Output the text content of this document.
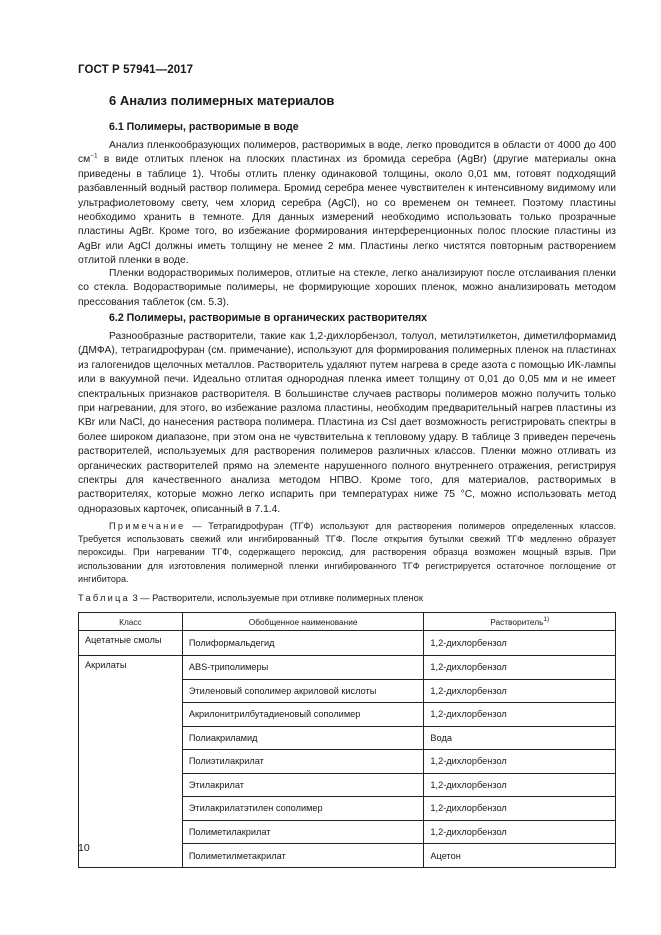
ГОСТ Р 57941—2017
6 Анализ полимерных материалов
6.1 Полимеры, растворимые в воде

Анализ пленкообразующих полимеров, растворимых в воде, легко проводится в области от 4000 до 400 $см^{-1}$ в виде отлитых пленок на плоских пластинах из бромида серебра (AgBr) (другие материалы окна приведены в таблице 1). Чтобы отлить пленку одинаковой толщины, около 0,01 мм, готовят подходящий разбавленный водный раствор полимера. Бромид серебра менее чувствителен к интенсивному видимому или ультрафиолетовому свету, чем хлорид серебра (AgCl), но со временем он темнеет. Поэтому пластины необходимо хранить в темноте. Для данных измерений необходимо использовать только прозрачные пластины AgBr. Кроме того, во избежание формирования интерференционных полос плоские пластины из AgBr или AgCl должны иметь толщину не менее 2 мм. Пластины легко чистятся повторным растворением отлитой пленки в воде.

Пленки водорастворимых полимеров, отлитые на стекле, легко анализируют после отслаивания пленки со стекла. Водорастворимые полимеры, не формирующие хороших пленок, можно анализировать методом прессования таблеток (см. 5.3).

6.2 Полимеры, растворимые в органических растворителях

Разнообразные растворители, такие как 1,2-дихлорбензол, толуол, метилэтилкетон, диметилформамид (ДМФА), тетрагидрофуран (см. примечание), используют для формирования полимерных пленок на пластинах из галогенидов щелочных металлов. Растворитель удаляют путем нагрева в среде азота с помощью ИК-лампы или в вакуумной печи. Идеально отлитая однородная пленка имеет толщину от 0,01 до 0,05 мм и не имеет спектральных признаков растворителя. В большинстве случаев растворы полимеров можно получить только при нагревании, для этого, во избежание разлома пластины, необходим предварительный нагрев пластины из KBr или NaCl, до нанесения раствора полимера. Пластина из CsI дает возможность регистрировать спектры в более широком диапазоне, при этом она не чувствительна к тепловому удару. В таблице 3 приведен перечень растворителей, используемых для растворения полимеров различных классов. Пленки можно отливать из органических растворителей прямо на элементе нарушенного полного внутреннего отражения, регистрируя спектры для качественного анализа методом НПВО. Кроме того, для материалов, растворимых в растворителях, которые можно легко испарить при температурах ниже 75 °С, можно использовать метод одноразовых карточек, описанный в 7.1.4.

Примечание — Тетрагидрофуран (ТГФ) используют для растворения полимеров определенных классов. Требуется использовать свежий или ингибированный ТГФ. После открытия бутылки свежий ТГФ медленно образует пероксиды. При нагревании ТГФ, содержащего пероксид, для растворения образца возможен мощный взрыв. При использовании для изготовления полимерной пленки ингибированного ТГФ регистрируется остаточное поглощение от ингибитора.

Таблица 3 — Растворители, используемые при отливке полимерных пленок
Класс	Обобщенное наименование	Растворитель$^{1)}$
Ацетатные смолы	Полиформальдегид	1,2-дихлорбензол
Акрилаты	ABS-триполимеры	1,2-дихлорбензол
	Этиленовый сополимер акриловой кислоты	1,2-дихлорбензол
	Акрилонитрилбутадиеновый сополимер	1,2-дихлорбензол
	Полиакриламид	Вода
	Полиэтилакрилат	1,2-дихлорбензол
	Этилакрилат	1,2-дихлорбензол
	Этилакрилатэтилен сополимер	1,2-дихлорбензол
	Полиметилакрилат	1,2-дихлорбензол
	Полиметилметакрилат	Ацетон
10
